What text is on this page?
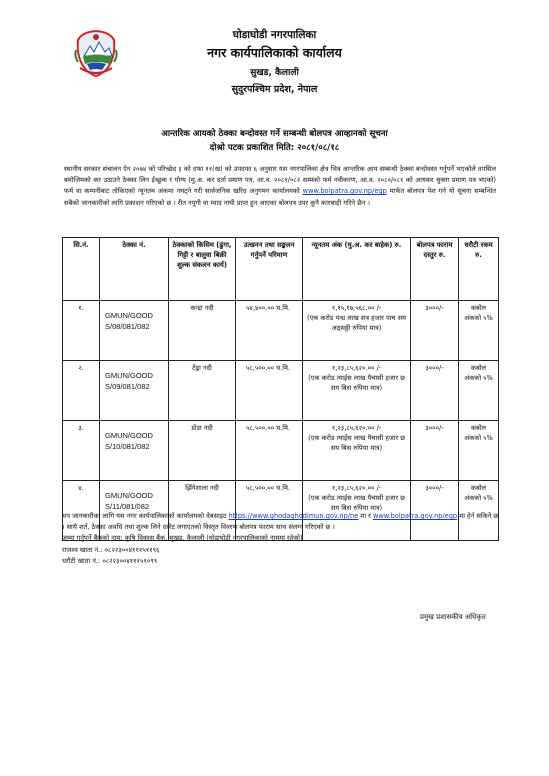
घोडाघोडी नगरपालिका
नगर कार्यपालिकाको कार्यालय
सुखड, कैलाली
सुदुरपश्चिम प्रदेश, नेपाल
आन्तरिक आयको ठेक्का बन्दोवस्त गर्ने सम्बन्धी बोलपत्र आव्हानको सूचना
दोश्रो पटक प्रकाशित मिति: २०८१/०८/१८
स्थानीय सरकार संचालन ऐन २०७४ को परिच्छेद ३ को दफा ११(ख) को उपदफा ६ अनुसार यस नगरपालिका क्षेत्र भित्र आन्तरिक आय सम्बन्धी ठेक्का बन्दोवस्त गर्नुपर्ने भएकोले तपसिल बमोजिमको कर उठाउने ठेक्का लिन ईच्छुक र योग्य (मु.अ. कर दर्ता प्रमाण पत्र, आ.व. २०८१/०८२ सम्मको फर्म नवीकरण, आ.व. २०८०/०८१ को आयकर चुक्ता प्रमाण पत्र भएको) फर्म वा कम्पनीबाट तोकिएको न्यूनतम अंकमा नघट्ने गरी सार्वजनिक खरिद अनुगमन कार्यालयको www.bolpatra.gov.np/egp मार्फत बोलपत्र पेश गर्न यो सूचना सम्बन्धित सबैको जानकारीको लागि प्रकाशन गरिएको छ । रीत नपुगी वा म्याद नाघी प्राप्त हुन आएका बोलपत्र उपर कुनै कारबाही गरिने छैन ।
सि.नं.	ठेक्का नं.	ठेक्काको किसिम (ढुंगा, गिट्टी र बालुवा बिक्री शुल्क संकलन कार्य)	उत्खनन तथा सङ्कलन गर्नुपर्ने परिमाण	न्यूनतम अंक (मु.अ. कर बाहेक) रु.	बोलपत्र फाराम दस्तुर रु.	धरौटी रकम रु.
१.	GMUN/GOOD S/08/081/082	कन्द्रा नदी	५४,४००.०० घ.मि.	१,१५,१७,५६८.०० /-
(एक करोड पन्ध्र लाख सत्र हजार पाच सय अठ्सठ्ठी रुपिया मात्र)	३०००/-	कबोल अंकको ५%
२.	GMUN/GOOD S/09/081/082	टेंढ्रा नदी	५८,५००.०० घ.मि.	१,२३,८५,६२०.०० /-
(एक करोड त्याईस लाख पैचासी हजार छ सय बिस रुपिया मात्र)	३०००/-	कबोल अंकको ५%
३.	GMUN/GOOD S/10/081/082	डोडा नदी	५८,५००.०० घ.मि.	१,२३,८५,६२०.०० /-
(एक करोड त्याईस लाख पैचासी हजार छ सय बिस रुपिया मात्र)	३०००/-	कबोल अंकको ५%
४.	GMUN/GOOD S/11/081/082	झिँगेशाला नदी	५८,५००.०० घ.मि.	१,२३,८५,६२०.०० /-
(एक करोड त्याईस लाख पैचासी हजार छ सय बिस रुपिया मात्र)	३०००/-	कबोल अंकको ५%

थप जानकारीका लागि यस नगर कार्यपालिकाको कार्यालयको वेबसाइट https://www.ghodaghodimun.gov.np/ne मा र www.bolpatra.gov.np/egp मा हेर्न सकिने छ । साथै शर्त, ठेक्का अवधि तथा शुल्क लिने दररेट लगाएतको विस्तृत विवरण बोलपत्र फाराम साथ संलग्न गरिएको छ ।

जम्मा गर्नुपर्ने बैंकको नाम: कृषि विकास बैंक, सुखड, कैलाली (घोडाघोडी नगरपालिकाको नाममा रहेको)

राजश्व खाता नं.: ०८२२३००४१११५११९६

धरौटी खाता नं.: ०८२२३००४१११५१०९९

प्रमुख प्रशासकीय अधिकृत
